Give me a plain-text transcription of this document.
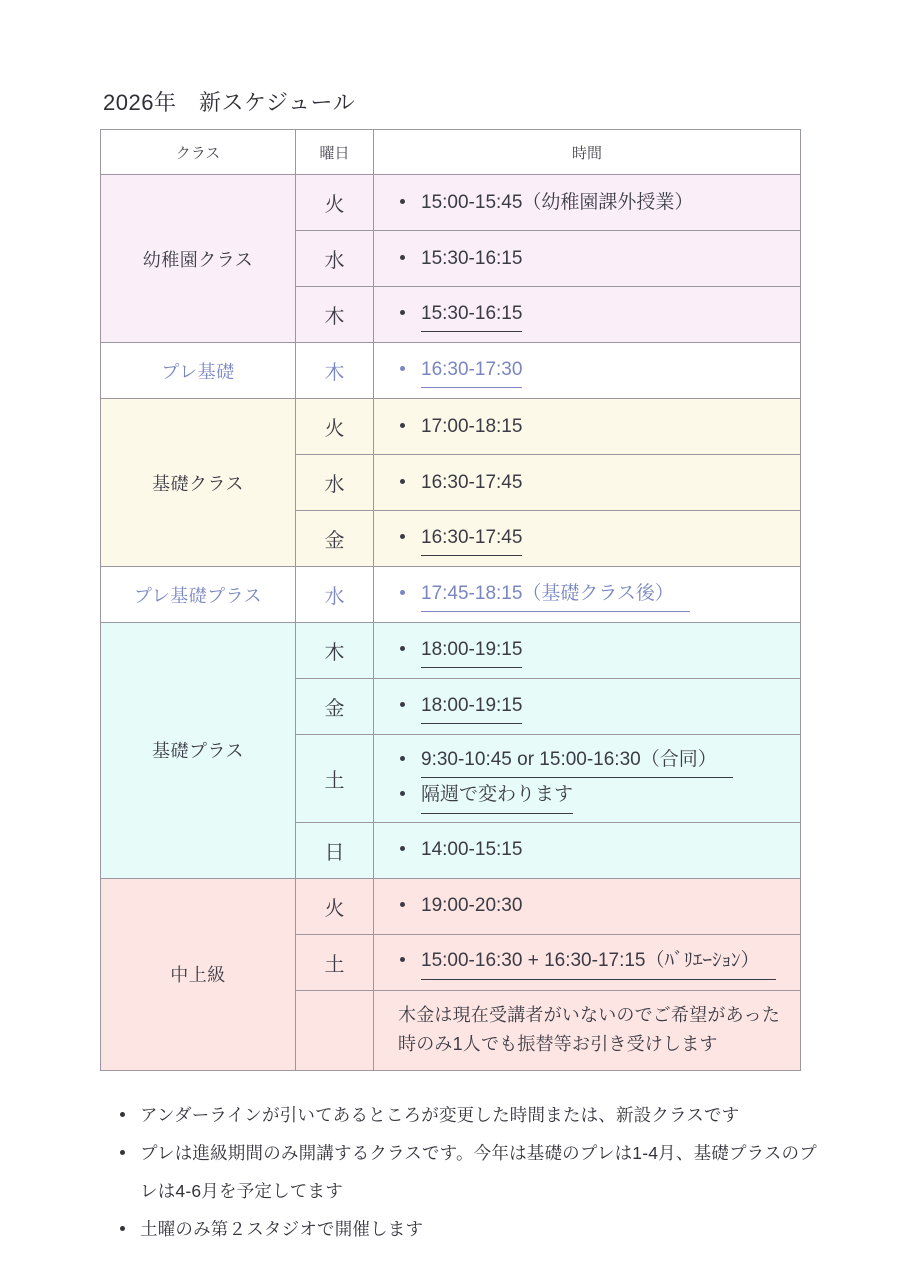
2026年　新スケジュール
クラス	曜日	時間
幼稚園クラス	火	15:00-15:45（幼稚園課外授業）

	水	15:30-16:15

	木	15:30-16:15

プレ基礎	木	16:30-17:30

基礎クラス	火	17:00-18:15

	水	16:30-17:45

	金	16:30-17:45

プレ基礎プラス	水	17:45-18:15（基礎クラス後）

基礎プラス	木	18:00-19:15

	金	18:00-19:15

	土	9:30-10:45 or 15:00-16:30（合同）
隔週で変わります

	日	14:00-15:15

中上級	火	19:00-20:30

	土	15:00-16:30 + 16:30-17:15（ﾊﾞﾘｴｰｼｮﾝ）

		木金は現在受講者がいないのでご希望があった時のみ1人でも振替等お引き受けします
アンダーラインが引いてあるところが変更した時間または、新設クラスです
プレは進級期間のみ開講するクラスです。今年は基礎のプレは1-4月、基礎プラスのプレは4-6月を予定してます
土曜のみ第２スタジオで開催します
